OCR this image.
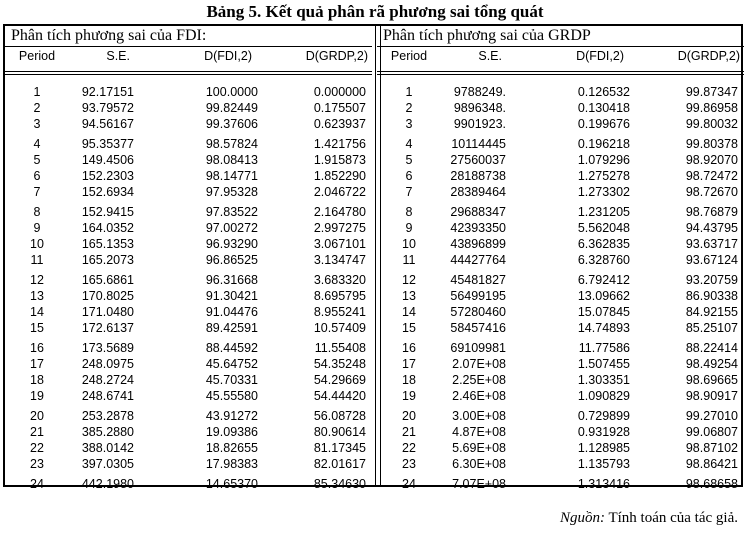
Bảng 5. Kết quả phân rã phương sai tổng quát
Phân tích phương sai của FDI:
Period	S.E.	D(FDI,2)	D(GRDP,2)
1	92.17151	100.0000	0.000000
2	93.79572	99.82449	0.175507
3	94.56167	99.37606	0.623937
4	95.35377	98.57824	1.421756
5	149.4506	98.08413	1.915873
6	152.2303	98.14771	1.852290
7	152.6934	97.95328	2.046722
8	152.9415	97.83522	2.164780
9	164.0352	97.00272	2.997275
10	165.1353	96.93290	3.067101
11	165.2073	96.86525	3.134747
12	165.6861	96.31668	3.683320
13	170.8025	91.30421	8.695795
14	171.0480	91.04476	8.955241
15	172.6137	89.42591	10.57409
16	173.5689	88.44592	11.55408
17	248.0975	45.64752	54.35248
18	248.2724	45.70331	54.29669
19	248.6741	45.55580	54.44420
20	253.2878	43.91272	56.08728
21	385.2880	19.09386	80.90614
22	388.0142	18.82655	81.17345
23	397.0305	17.98383	82.01617
24	442.1980	14.65370	85.34630
Phân tích phương sai của GRDP
Period	S.E.	D(FDI,2)	D(GRDP,2)
1	9788249.	0.126532	99.87347
2	9896348.	0.130418	99.86958
3	9901923.	0.199676	99.80032
4	10114445	0.196218	99.80378
5	27560037	1.079296	98.92070
6	28188738	1.275278	98.72472
7	28389464	1.273302	98.72670
8	29688347	1.231205	98.76879
9	42393350	5.562048	94.43795
10	43896899	6.362835	93.63717
11	44427764	6.328760	93.67124
12	45481827	6.792412	93.20759
13	56499195	13.09662	86.90338
14	57280460	15.07845	84.92155
15	58457416	14.74893	85.25107
16	69109981	11.77586	88.22414
17	2.07E+08	1.507455	98.49254
18	2.25E+08	1.303351	98.69665
19	2.46E+08	1.090829	98.90917
20	3.00E+08	0.729899	99.27010
21	4.87E+08	0.931928	99.06807
22	5.69E+08	1.128985	98.87102
23	6.30E+08	1.135793	98.86421
24	7.07E+08	1.313416	98.68658
Nguồn: Tính toán của tác giả.
